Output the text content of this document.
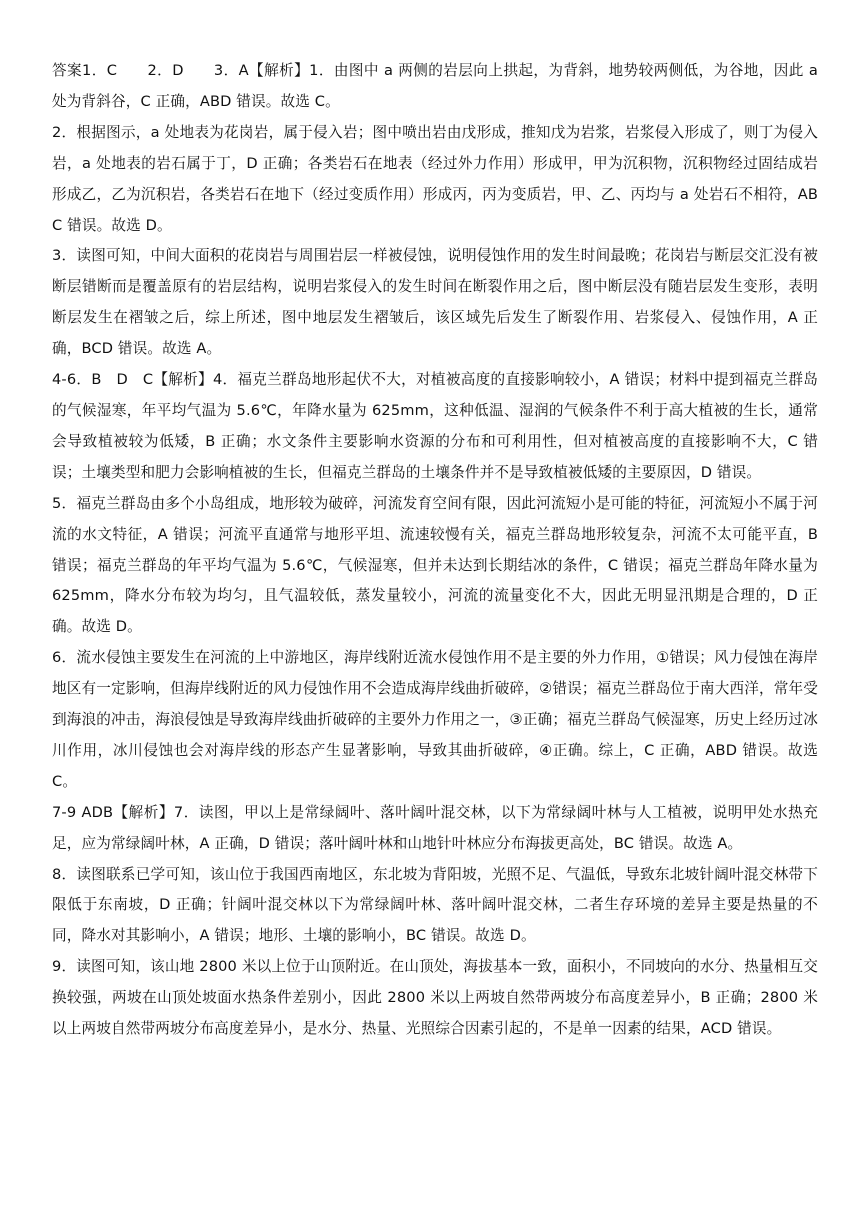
答案1．C　　2．D　　3．A【解析】1．由图中 a 两侧的岩层向上拱起，为背斜，地势较两侧低，为谷地，因此 a 处为背斜谷，C 正确，ABD 错误。故选 C。

2．根据图示，a 处地表为花岗岩，属于侵入岩；图中喷出岩由戊形成，推知戊为岩浆，岩浆侵入形成了，则丁为侵入岩，a 处地表的岩石属于丁，D 正确；各类岩石在地表（经过外力作用）形成甲，甲为沉积物，沉积物经过固结成岩形成乙，乙为沉积岩，各类岩石在地下（经过变质作用）形成丙，丙为变质岩，甲、乙、丙均与 a 处岩石不相符，ABC 错误。故选 D。

3．读图可知，中间大面积的花岗岩与周围岩层一样被侵蚀，说明侵蚀作用的发生时间最晚；花岗岩与断层交汇没有被断层错断而是覆盖原有的岩层结构，说明岩浆侵入的发生时间在断裂作用之后，图中断层没有随岩层发生变形，表明断层发生在褶皱之后，综上所述，图中地层发生褶皱后，该区域先后发生了断裂作用、岩浆侵入、侵蚀作用，A 正确，BCD 错误。故选 A。

4-6．B　D　C【解析】4．福克兰群岛地形起伏不大，对植被高度的直接影响较小，A 错误；材料中提到福克兰群岛的气候湿寒，年平均气温为 5.6℃，年降水量为 625mm，这种低温、湿润的气候条件不利于高大植被的生长，通常会导致植被较为低矮，B 正确；水文条件主要影响水资源的分布和可利用性，但对植被高度的直接影响不大，C 错误；土壤类型和肥力会影响植被的生长，但福克兰群岛的土壤条件并不是导致植被低矮的主要原因，D 错误。

5．福克兰群岛由多个小岛组成，地形较为破碎，河流发育空间有限，因此河流短小是可能的特征，河流短小不属于河流的水文特征，A 错误；河流平直通常与地形平坦、流速较慢有关，福克兰群岛地形较复杂，河流不太可能平直，B 错误；福克兰群岛的年平均气温为 5.6℃，气候湿寒，但并未达到长期结冰的条件，C 错误；福克兰群岛年降水量为 625mm，降水分布较为均匀，且气温较低，蒸发量较小，河流的流量变化不大，因此无明显汛期是合理的，D 正确。故选 D。

6．流水侵蚀主要发生在河流的上中游地区，海岸线附近流水侵蚀作用不是主要的外力作用，①错误；风力侵蚀在海岸地区有一定影响，但海岸线附近的风力侵蚀作用不会造成海岸线曲折破碎，②错误；福克兰群岛位于南大西洋，常年受到海浪的冲击，海浪侵蚀是导致海岸线曲折破碎的主要外力作用之一，③正确；福克兰群岛气候湿寒，历史上经历过冰川作用，冰川侵蚀也会对海岸线的形态产生显著影响，导致其曲折破碎，④正确。综上，C 正确，ABD 错误。故选 C。

7-9 ADB【解析】7．读图，甲以上是常绿阔叶、落叶阔叶混交林，以下为常绿阔叶林与人工植被，说明甲处水热充足，应为常绿阔叶林，A 正确，D 错误；落叶阔叶林和山地针叶林应分布海拔更高处，BC 错误。故选 A。

8．读图联系已学可知，该山位于我国西南地区，东北坡为背阳坡，光照不足、气温低，导致东北坡针阔叶混交林带下限低于东南坡，D 正确；针阔叶混交林以下为常绿阔叶林、落叶阔叶混交林，二者生存环境的差异主要是热量的不同，降水对其影响小，A 错误；地形、土壤的影响小，BC 错误。故选 D。

9．读图可知，该山地 2800 米以上位于山顶附近。在山顶处，海拔基本一致，面积小，不同坡向的水分、热量相互交换较强，两坡在山顶处坡面水热条件差别小，因此 2800 米以上两坡自然带两坡分布高度差异小，B 正确；2800 米以上两坡自然带两坡分布高度差异小，是水分、热量、光照综合因素引起的，不是单一因素的结果，ACD 错误。
